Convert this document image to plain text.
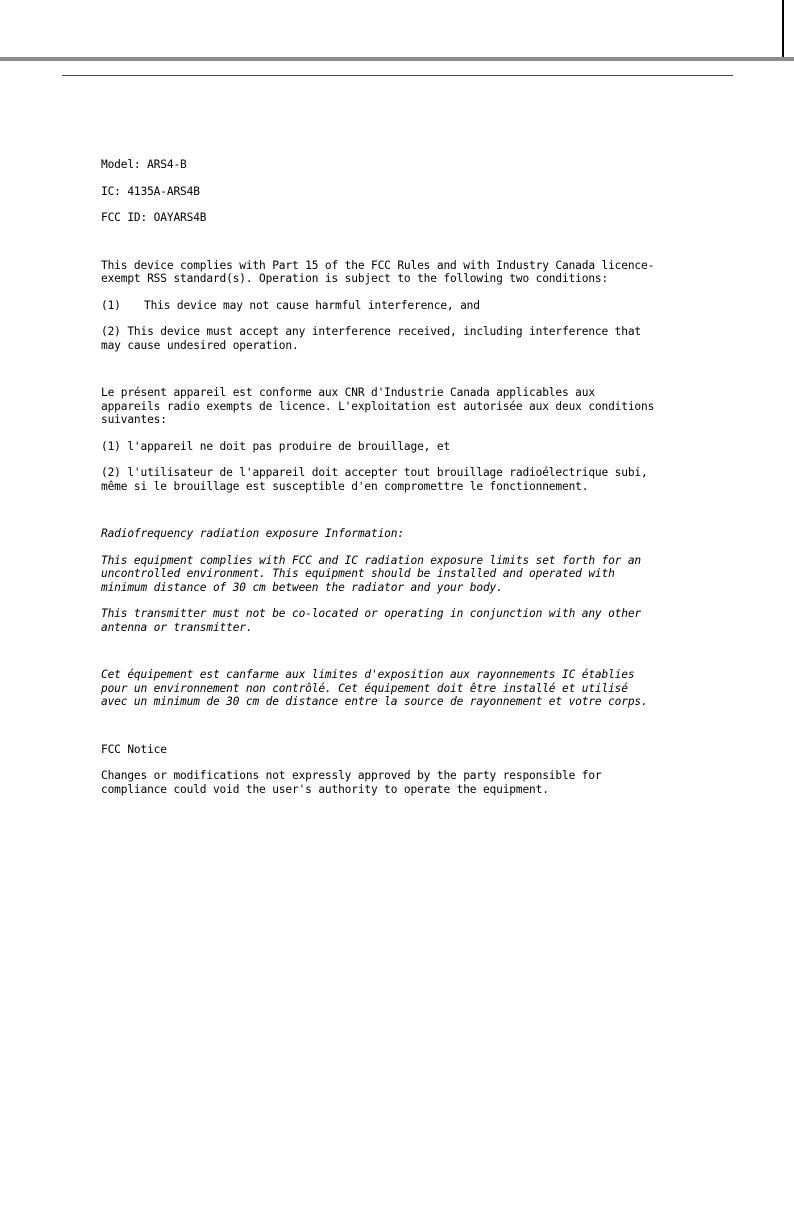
Model: ARS4-B

IC: 4135A-ARS4B

FCC ID: OAYARS4B

This device complies with Part 15 of the FCC Rules and with Industry Canada licence-
exempt RSS standard(s). Operation is subject to the following two conditions:

(1) This device may not cause harmful interference, and

(2) This device must accept any interference received, including interference that
may cause undesired operation.

Le présent appareil est conforme aux CNR d'Industrie Canada applicables aux
appareils radio exempts de licence. L'exploitation est autorisée aux deux conditions
suivantes:

(1) l'appareil ne doit pas produire de brouillage, et

(2) l'utilisateur de l'appareil doit accepter tout brouillage radioélectrique subi,
même si le brouillage est susceptible d'en compromettre le fonctionnement.

Radiofrequency radiation exposure Information:

This equipment complies with FCC and IC radiation exposure limits set forth for an
uncontrolled environment. This equipment should be installed and operated with
minimum distance of 30 cm between the radiator and your body.

This transmitter must not be co-located or operating in conjunction with any other
antenna or transmitter.

Cet équipement est canfarme aux limites d'exposition aux rayonnements IC établies
pour un environnement non contrôlé. Cet équipement doit être installé et utilisé
avec un minimum de 30 cm de distance entre la source de rayonnement et votre corps.

FCC Notice

Changes or modifications not expressly approved by the party responsible for
compliance could void the user's authority to operate the equipment.
